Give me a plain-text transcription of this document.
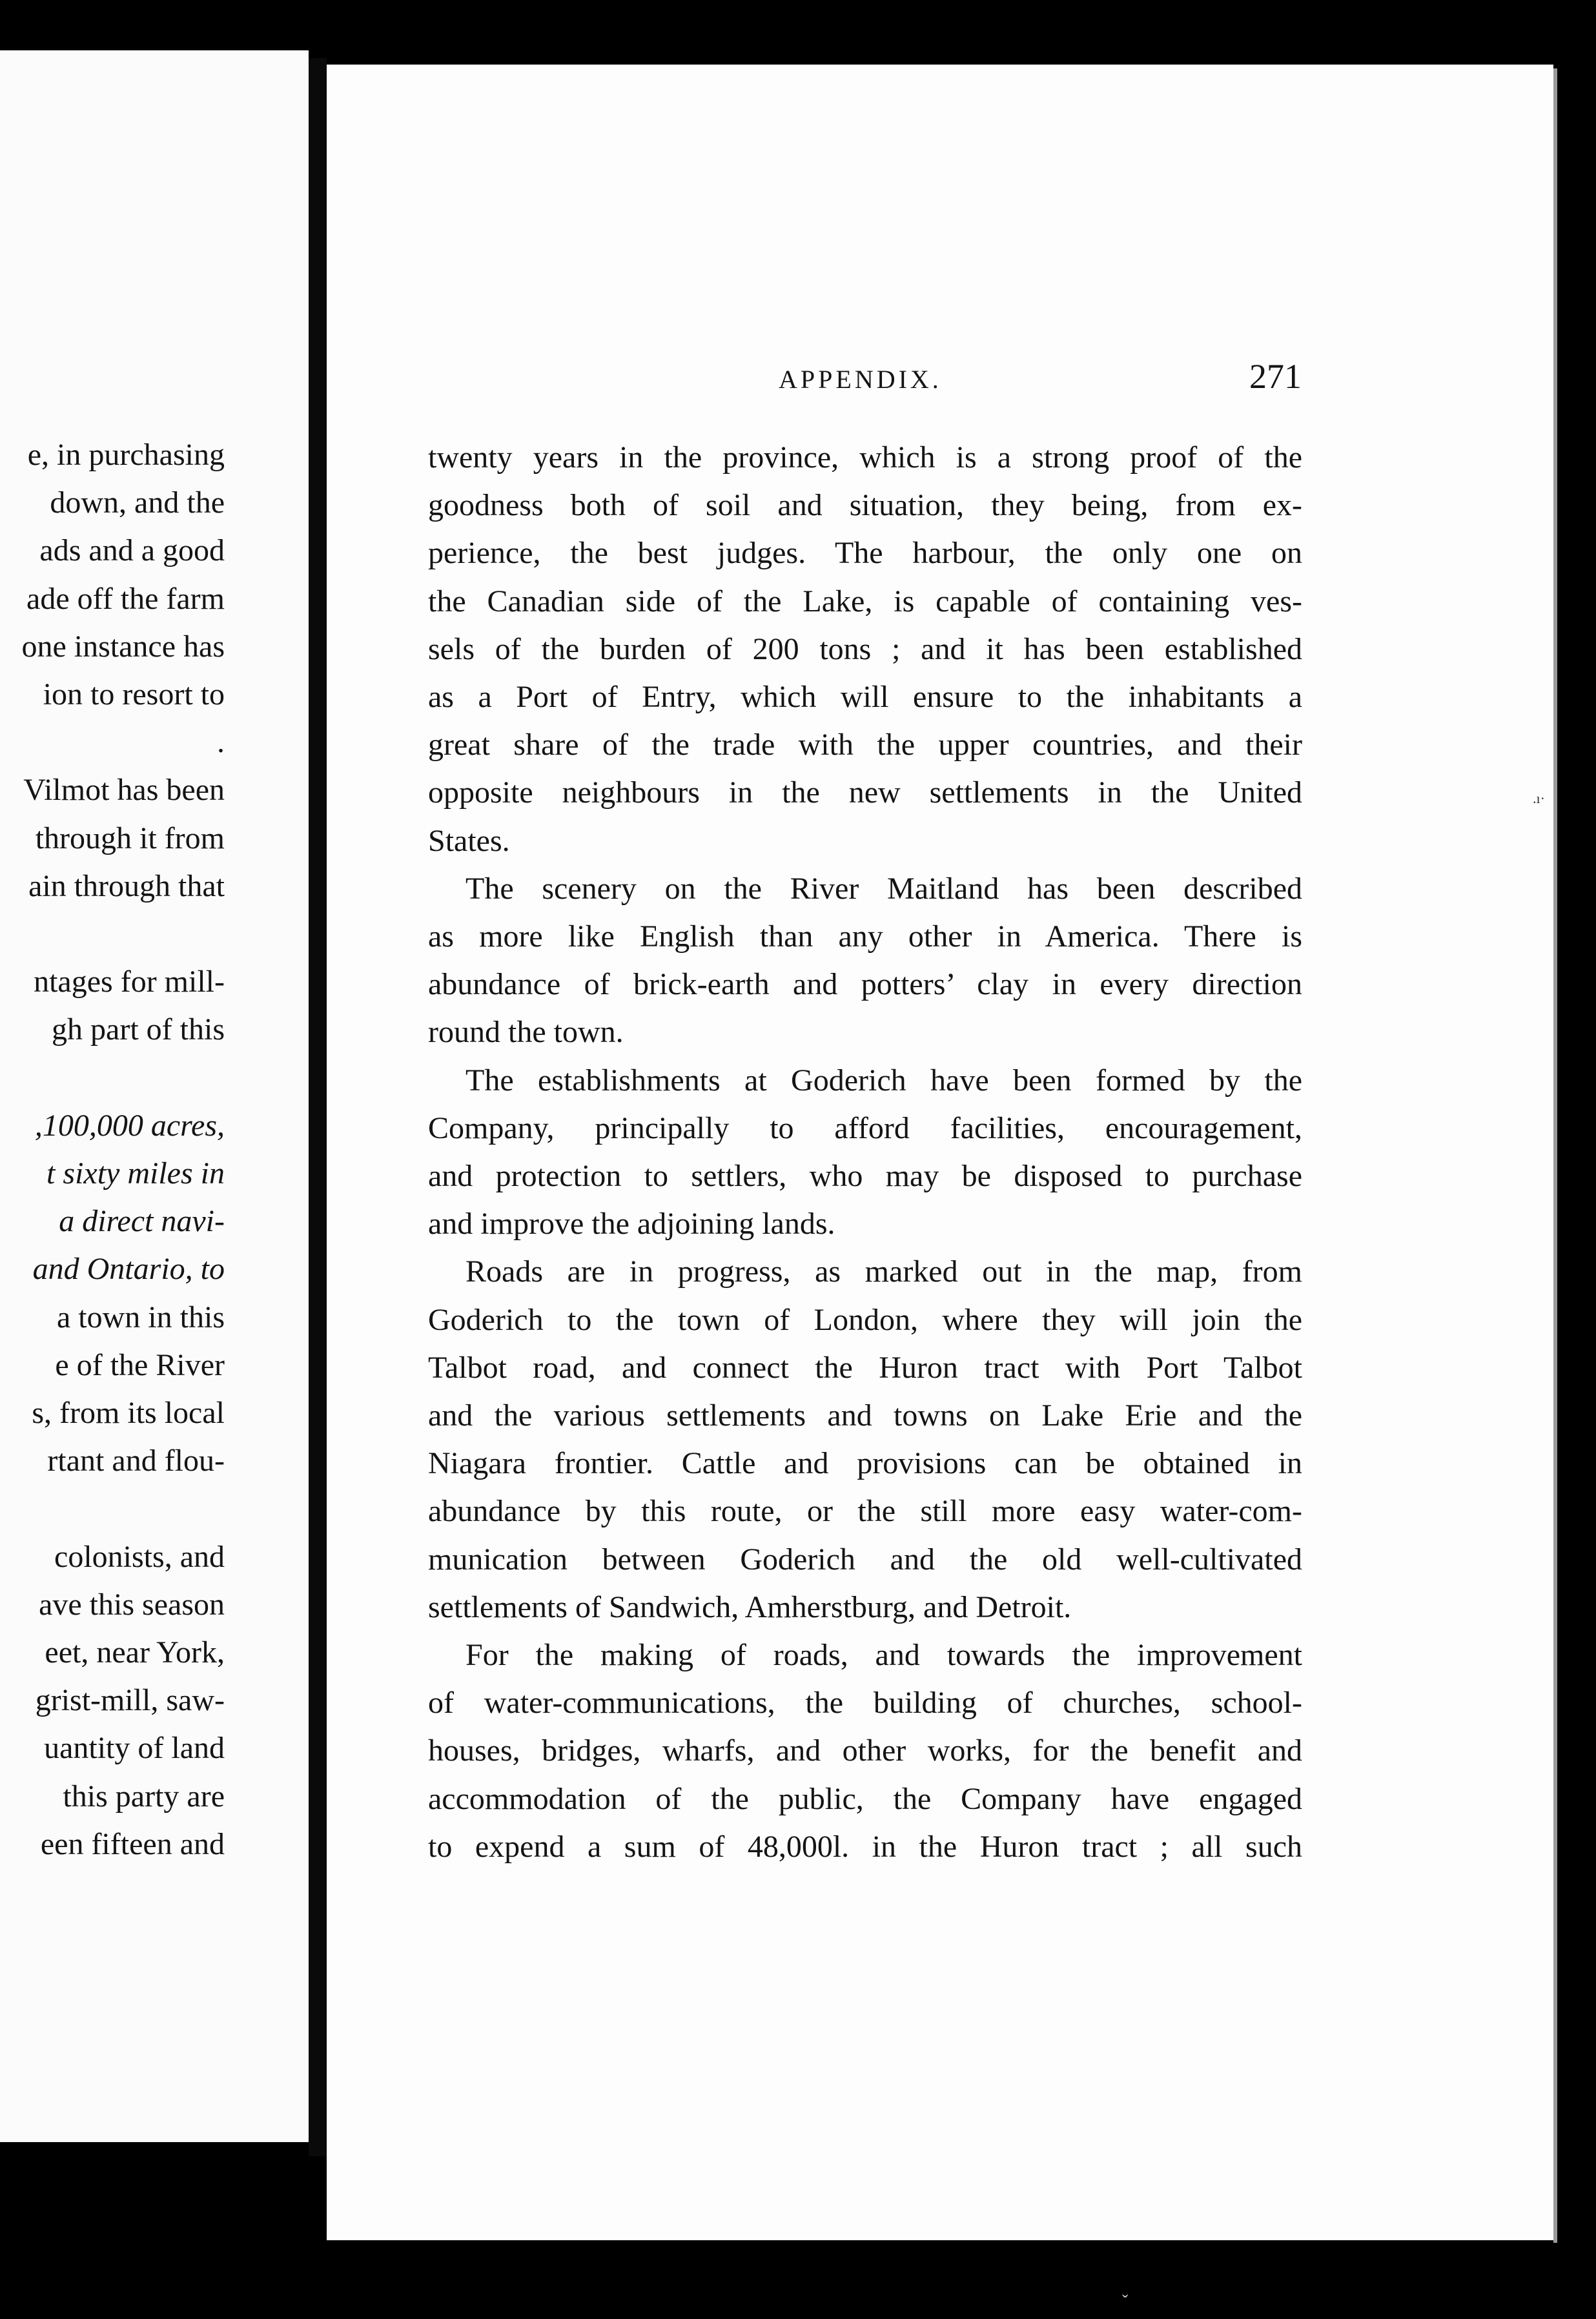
e, in purchasing
down, and the
ads and a good
ade off the farm
one instance has
ion to resort to
.
Vilmot has been
through it from
ain through that
ntages for mill-
gh part of this
,100,000 acres,
t sixty miles in
a direct navi-
and Ontario, to
a town in this
e of the River
s, from its local
rtant and flou-
colonists, and
ave this season
eet, near York,
grist-mill, saw-
uantity of land
this party are
een fifteen and
APPENDIX.	271
twenty years in the province, which is a strong proof of the
goodness both of soil and situation, they being, from ex-
perience, the best judges. The harbour, the only one on
the Canadian side of the Lake, is capable of containing ves-
sels of the burden of 200 tons ; and it has been established
as a Port of Entry, which will ensure to the inhabitants a
great share of the trade with the upper countries, and their
opposite neighbours in the new settlements in the United
States.
The scenery on the River Maitland has been described
as more like English than any other in America. There is
abundance of brick-earth and potters’ clay in every direction
round the town.
The establishments at Goderich have been formed by the
Company, principally to afford facilities, encouragement,
and protection to settlers, who may be disposed to purchase
and improve the adjoining lands.
Roads are in progress, as marked out in the map, from
Goderich to the town of London, where they will join the
Talbot road, and connect the Huron tract with Port Talbot
and the various settlements and towns on Lake Erie and the
Niagara frontier. Cattle and provisions can be obtained in
abundance by this route, or the still more easy water-com-
munication between Goderich and the old well-cultivated
settlements of Sandwich, Amherstburg, and Detroit.
For the making of roads, and towards the improvement
of water-communications, the building of churches, school-
houses, bridges, wharfs, and other works, for the benefit and
accommodation of the public, the Company have engaged
to expend a sum of 48,000l. in the Huron tract ; all such
.ı·
ˇ
